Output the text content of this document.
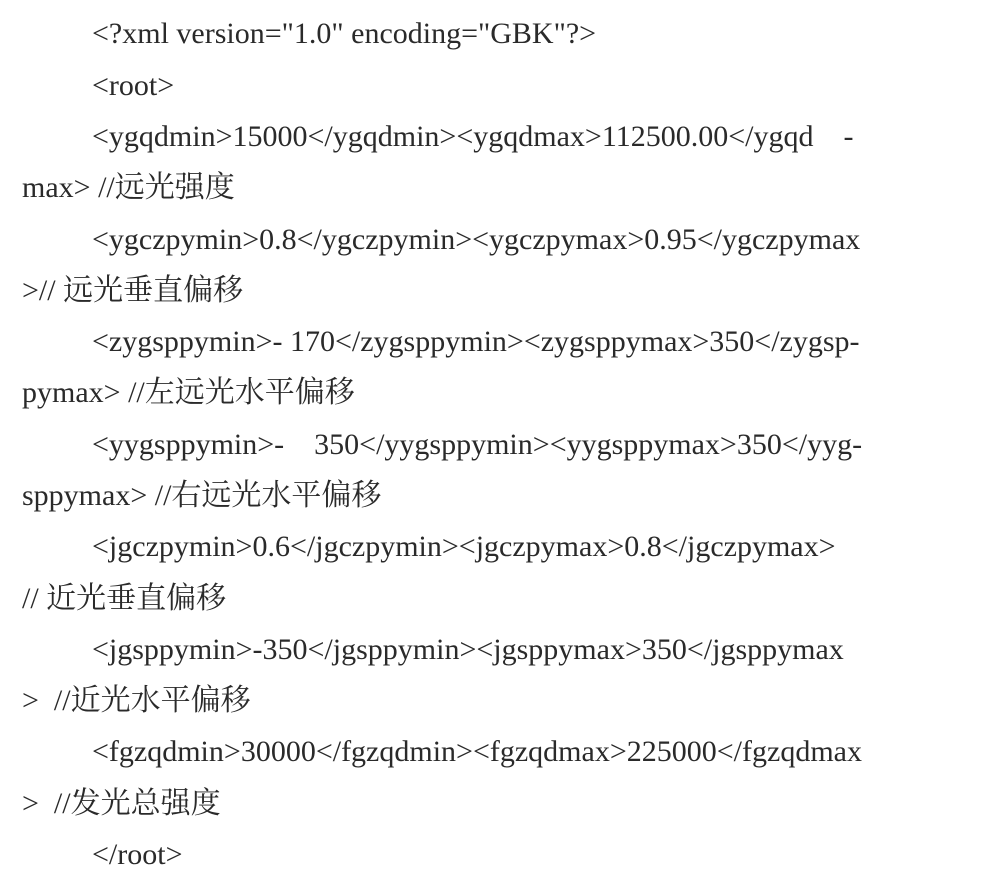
<?xml version="1.0" encoding="GBK"?>
<root>
<ygqdmin>15000</ygqdmin><ygqdmax>112500.00</ygqd    -
max> //远光强度
<ygczpymin>0.8</ygczpymin><ygczpymax>0.95</ygczpymax
>// 远光垂直偏移
<zygsppymin>- 170</zygsppymin><zygsppymax>350</zygsp-
pymax> //左远光水平偏移
<yygsppymin>-    350</yygsppymin><yygsppymax>350</yyg-
sppymax> //右远光水平偏移
<jgczpymin>0.6</jgczpymin><jgczpymax>0.8</jgczpymax>
// 近光垂直偏移
<jgsppymin>-350</jgsppymin><jgsppymax>350</jgsppymax
>  //近光水平偏移
<fgzqdmin>30000</fgzqdmin><fgzqdmax>225000</fgzqdmax
>  //发光总强度
</root>
